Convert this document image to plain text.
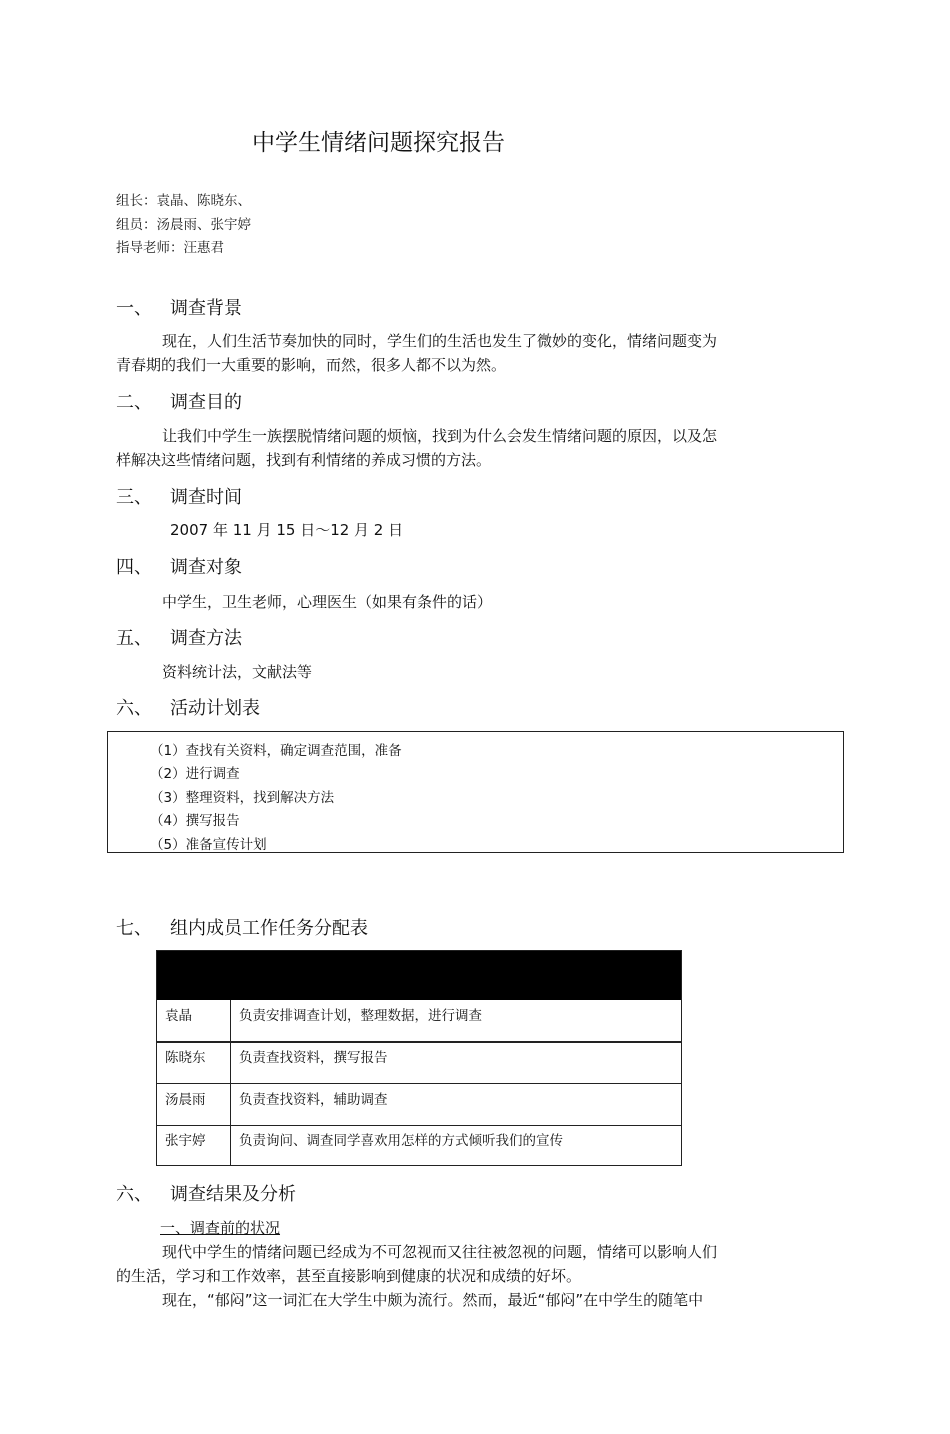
中学生情绪问题探究报告
组长：袁晶、陈晓东、
组员：汤晨雨、张宇婷
指导老师：汪惠君
一、 调查背景
现在，人们生活节奏加快的同时，学生们的生活也发生了微妙的变化，情绪问题变为
青春期的我们一大重要的影响，而然，很多人都不以为然。
二、 调查目的
让我们中学生一族摆脱情绪问题的烦恼，找到为什么会发生情绪问题的原因，以及怎
样解决这些情绪问题，找到有利情绪的养成习惯的方法。
三、 调查时间
2007 年 11 月 15 日～12 月 2 日
四、 调查对象
中学生，卫生老师，心理医生（如果有条件的话）
五、 调查方法
资料统计法，文献法等
六、 活动计划表
（1）查找有关资料，确定调查范围，准备
（2）进行调查
（3）整理资料，找到解决方法
（4）撰写报告
（5）准备宣传计划
七、 组内成员工作任务分配表
袁晶	负责安排调查计划，整理数据，进行调查
陈晓东 负责查找资料，撰写报告
汤晨雨 负责查找资料，辅助调查
张宇婷 负责询问、调查同学喜欢用怎样的方式倾听我们的宣传
六、 调查结果及分析
一、调查前的状况
现代中学生的情绪问题已经成为不可忽视而又往往被忽视的问题，情绪可以影响人们
的生活，学习和工作效率，甚至直接影响到健康的状况和成绩的好坏。
现在，“郁闷”这一词汇在大学生中颇为流行。然而，最近“郁闷”在中学生的随笔中
